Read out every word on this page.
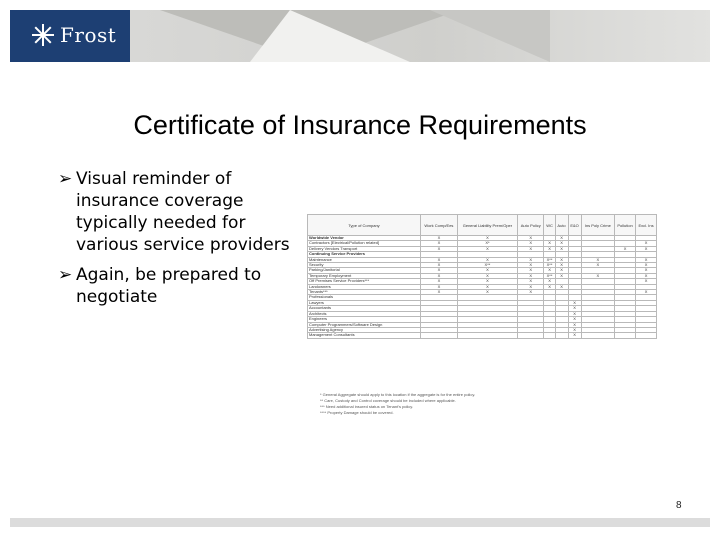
Frost
Certificate of Insurance Requirements
➢ Visual reminder of insurance coverage typically needed for various service providers
➢ Again, be prepared to negotiate
Type of Company	Work Comp/Ees	General Liability Prem/Oper	Auto Policy	WC	Auto	E&O	Ins Poly Crime	Pollution	Excl. Ins
Worldwide Vendor	X	X	X		X				
Contractors [Electrical/Pollution related]	X	X*	X	X	X				X
Delivery Vendors Transport	X	X	X	X	X			X	X
Continuing Service Providers									
Maintenance	X	X	X	X**	X		X		X
Security	X	X**	X	X**	X		X		X
Parking/Janitorial	X	X	X	X	X				X
Temporary Employment	X	X	X	X**	X		X		X
Off Premises Service Providers***	X	X	X	X					X
Landowners	X	X	X	X	X				
Tenants***	X	X	X						X
Professionals									
Lawyers						X			
Accountants						X			
Architects						X			
Engineers						X			
Computer Programmers/Software Design						X			
Advertising Agency						X			
Management Consultants						X			
* General Aggregate should apply to this location if the aggregate is for the entire policy.
** Care, Custody and Control coverage should be included where applicable.
*** Need additional insured status on Tenant's policy.
**** Property Damage should be covered.
8
